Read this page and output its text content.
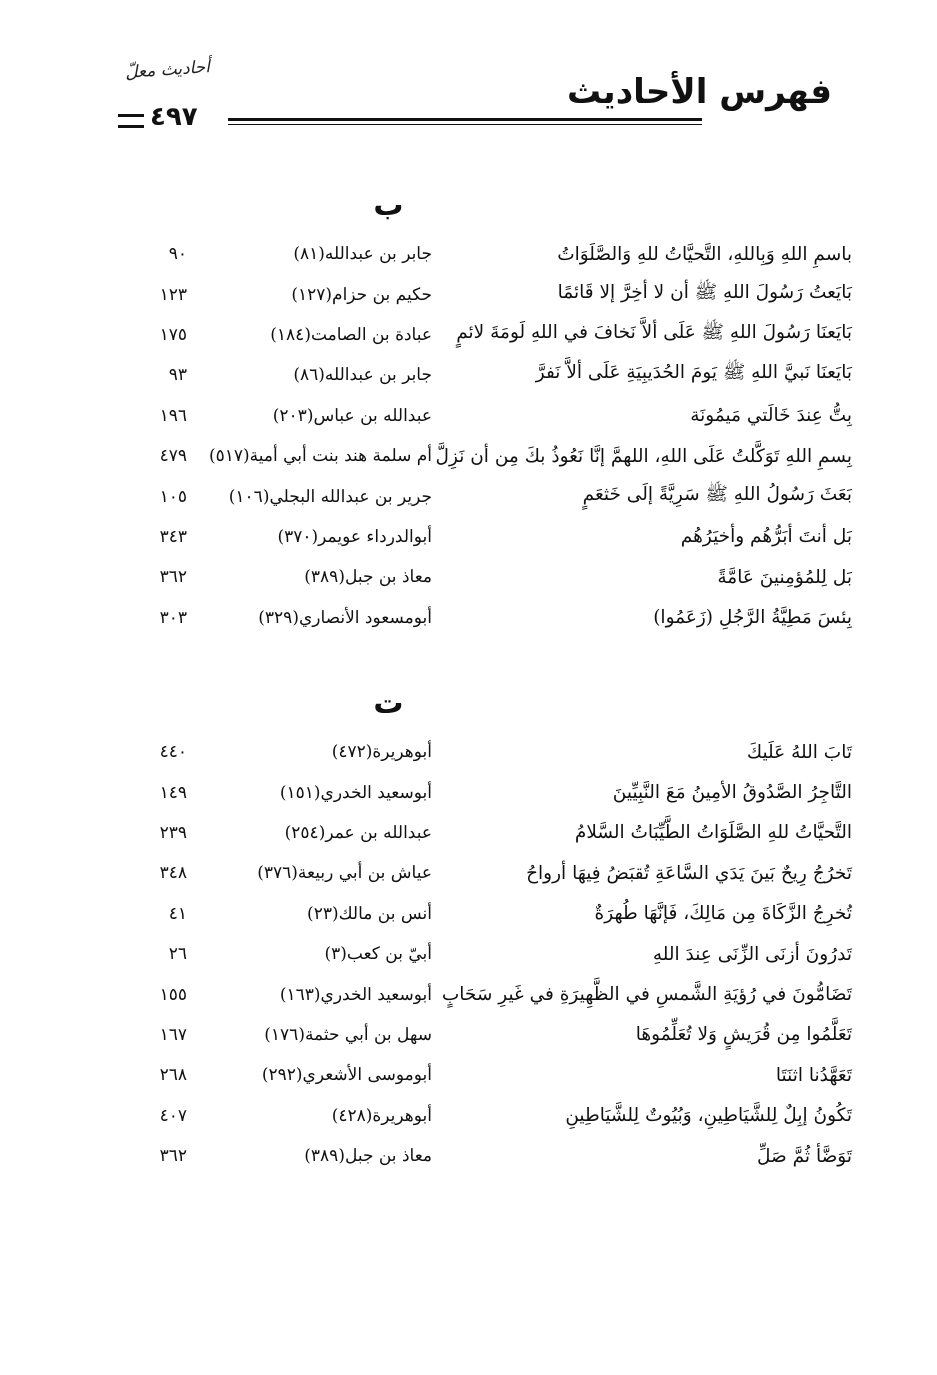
فهرس الأحاديث
أحاديث معلّ
٤٩٧
ب
باسمِ اللهِ وَبِاللهِ، التَّحيَّاتُ للهِ وَالصَّلَوَاتُ
جابر بن عبدالله(٨١)
٩٠
بَايَعتُ رَسُولَ اللهِ ﷺ أن لا أخِرَّ إلا قَائمًا
حكيم بن حزام(١٢٧)
١٢٣
بَايَعنَا رَسُولَ اللهِ ﷺ عَلَى ألاَّ نَخافَ في اللهِ لَومَةَ لائمٍ
عبادة بن الصامت(١٨٤)
١٧٥
بَايَعنَا نَبيَّ اللهِ ﷺ يَومَ الحُدَيبِيَةِ عَلَى ألاَّ نَفرَّ
جابر بن عبدالله(٨٦)
٩٣
بِتُّ عِندَ خَالَتي مَيمُونَة
عبدالله بن عباس(٢٠٣)
١٩٦
بِسمِ اللهِ تَوَكَّلتُ عَلَى اللهِ، اللهمَّ إنَّا نَعُوذُ بكَ مِن أن نَزِلَّ
أم سلمة هند بنت أبي أمية(٥١٧)
٤٧٩
بَعَثَ رَسُولُ اللهِ ﷺ سَرِيَّةً إلَى خَثعَمٍ
جرير بن عبدالله البجلي(١٠٦)
١٠٥
بَل أنتَ أبَرُّهُم وأخيَرُهُم
أبوالدرداء عويمر(٣٧٠)
٣٤٣
بَل لِلمُؤمِنينَ عَامَّةً
معاذ بن جبل(٣٨٩)
٣٦٢
بِئسَ مَطِيَّةُ الرَّجُلِ (زَعَمُوا)
أبومسعود الأنصاري(٣٢٩)
٣٠٣
ت
تَابَ اللهُ عَلَيكَ
أبوهريرة(٤٧٢)
٤٤٠
التَّاجِرُ الصَّدُوقُ الأمِينُ مَعَ النَّبِيِّينَ
أبوسعيد الخدري(١٥١)
١٤٩
التَّحيَّاتُ للهِ الصَّلَوَاتُ الطَّيِّبَاتُ السَّلامُ
عبدالله بن عمر(٢٥٤)
٢٣٩
تَخرُجُ رِيحٌ بَينَ يَدَي السَّاعَةِ تُقبَضُ فِيهَا أرواحُ
عياش بن أبي ربيعة(٣٧٦)
٣٤٨
تُخرِجُ الزَّكَاةَ مِن مَالِكَ، فَإنَّهَا طُهرَةٌ
أنس بن مالك(٢٣)
٤١
تَدرُونَ أزنَى الزِّنَى عِندَ اللهِ
أبيّ بن كعب(٣)
٢٦
تَضَامُّونَ في رُؤيَةِ الشَّمسِ في الظَّهِيرَةِ في غَيرِ سَحَابٍ
أبوسعيد الخدري(١٦٣)
١٥٥
تَعَلَّمُوا مِن قُرَيشٍ وَلا تُعَلِّمُوهَا
سهل بن أبي حثمة(١٧٦)
١٦٧
تَعَهَّدُنا اثنَتَا
أبوموسى الأشعري(٢٩٢)
٢٦٨
تَكُونُ إبِلٌ لِلشَّيَاطِينِ، وَبُيُوتٌ لِلشَّيَاطِينِ
أبوهريرة(٤٢٨)
٤٠٧
تَوَضَّأ ثُمَّ صَلِّ
معاذ بن جبل(٣٨٩)
٣٦٢
